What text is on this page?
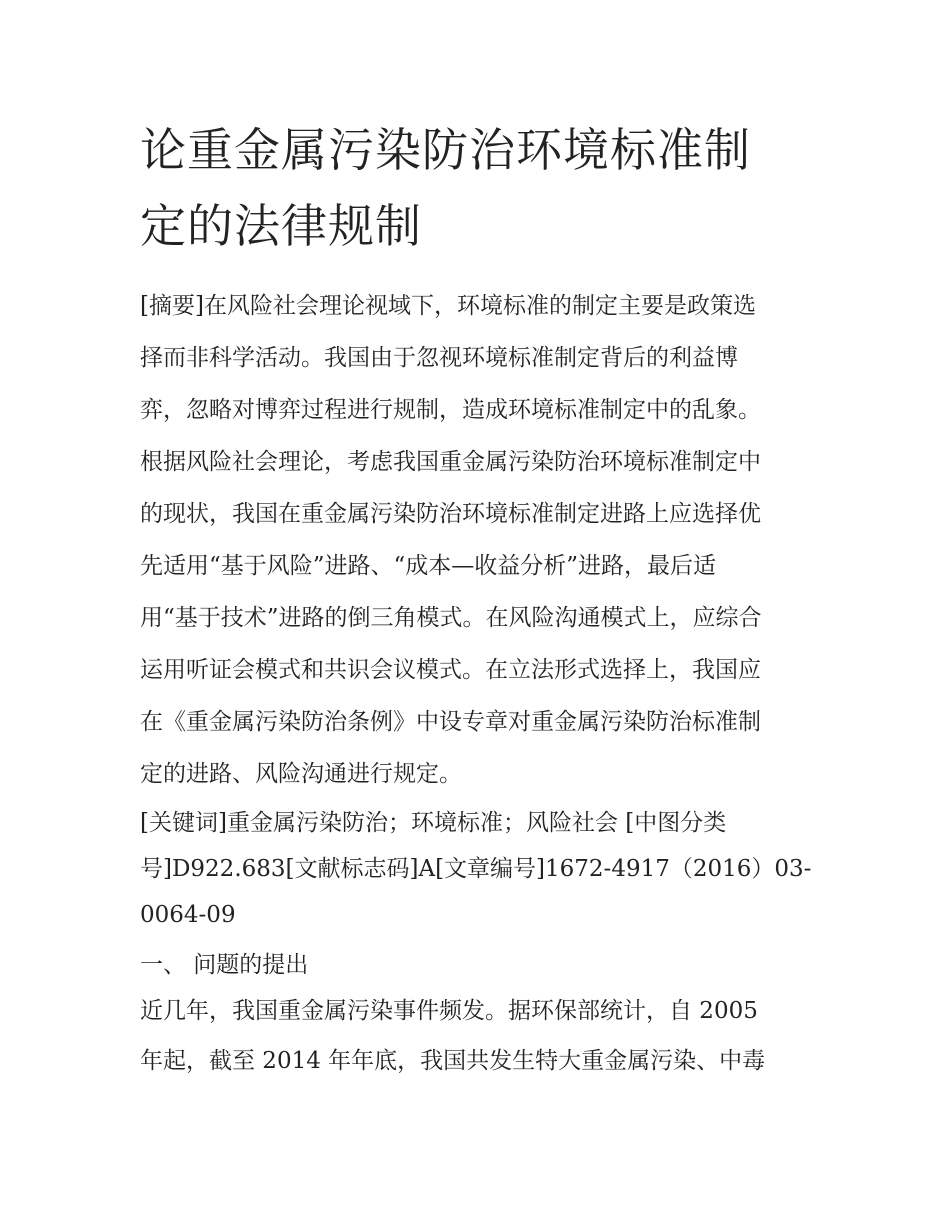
论重金属污染防治环境标准制
定的法律规制
[摘要]在风险社会理论视域下，环境标准的制定主要是政策选
择而非科学活动。我国由于忽视环境标准制定背后的利益博
弈，忽略对博弈过程进行规制，造成环境标准制定中的乱象。
根据风险社会理论，考虑我国重金属污染防治环境标准制定中
的现状，我国在重金属污染防治环境标准制定进路上应选择优
先适用“基于风险”进路、“成本—收益分析”进路，最后适
用“基于技术”进路的倒三角模式。在风险沟通模式上，应综合
运用听证会模式和共识会议模式。在立法形式选择上，我国应
在《重金属污染防治条例》中设专章对重金属污染防治标准制
定的进路、风险沟通进行规定。
[关键词]重金属污染防治；环境标准；风险社会 [中图分类
号]D922.683[文献标志码]A[文章编号]1672-4917（2016）03-
0064-09
一、 问题的提出
近几年，我国重金属污染事件频发。据环保部统计，自 2005
年起，截至 2014 年年底，我国共发生特大重金属污染、中毒
